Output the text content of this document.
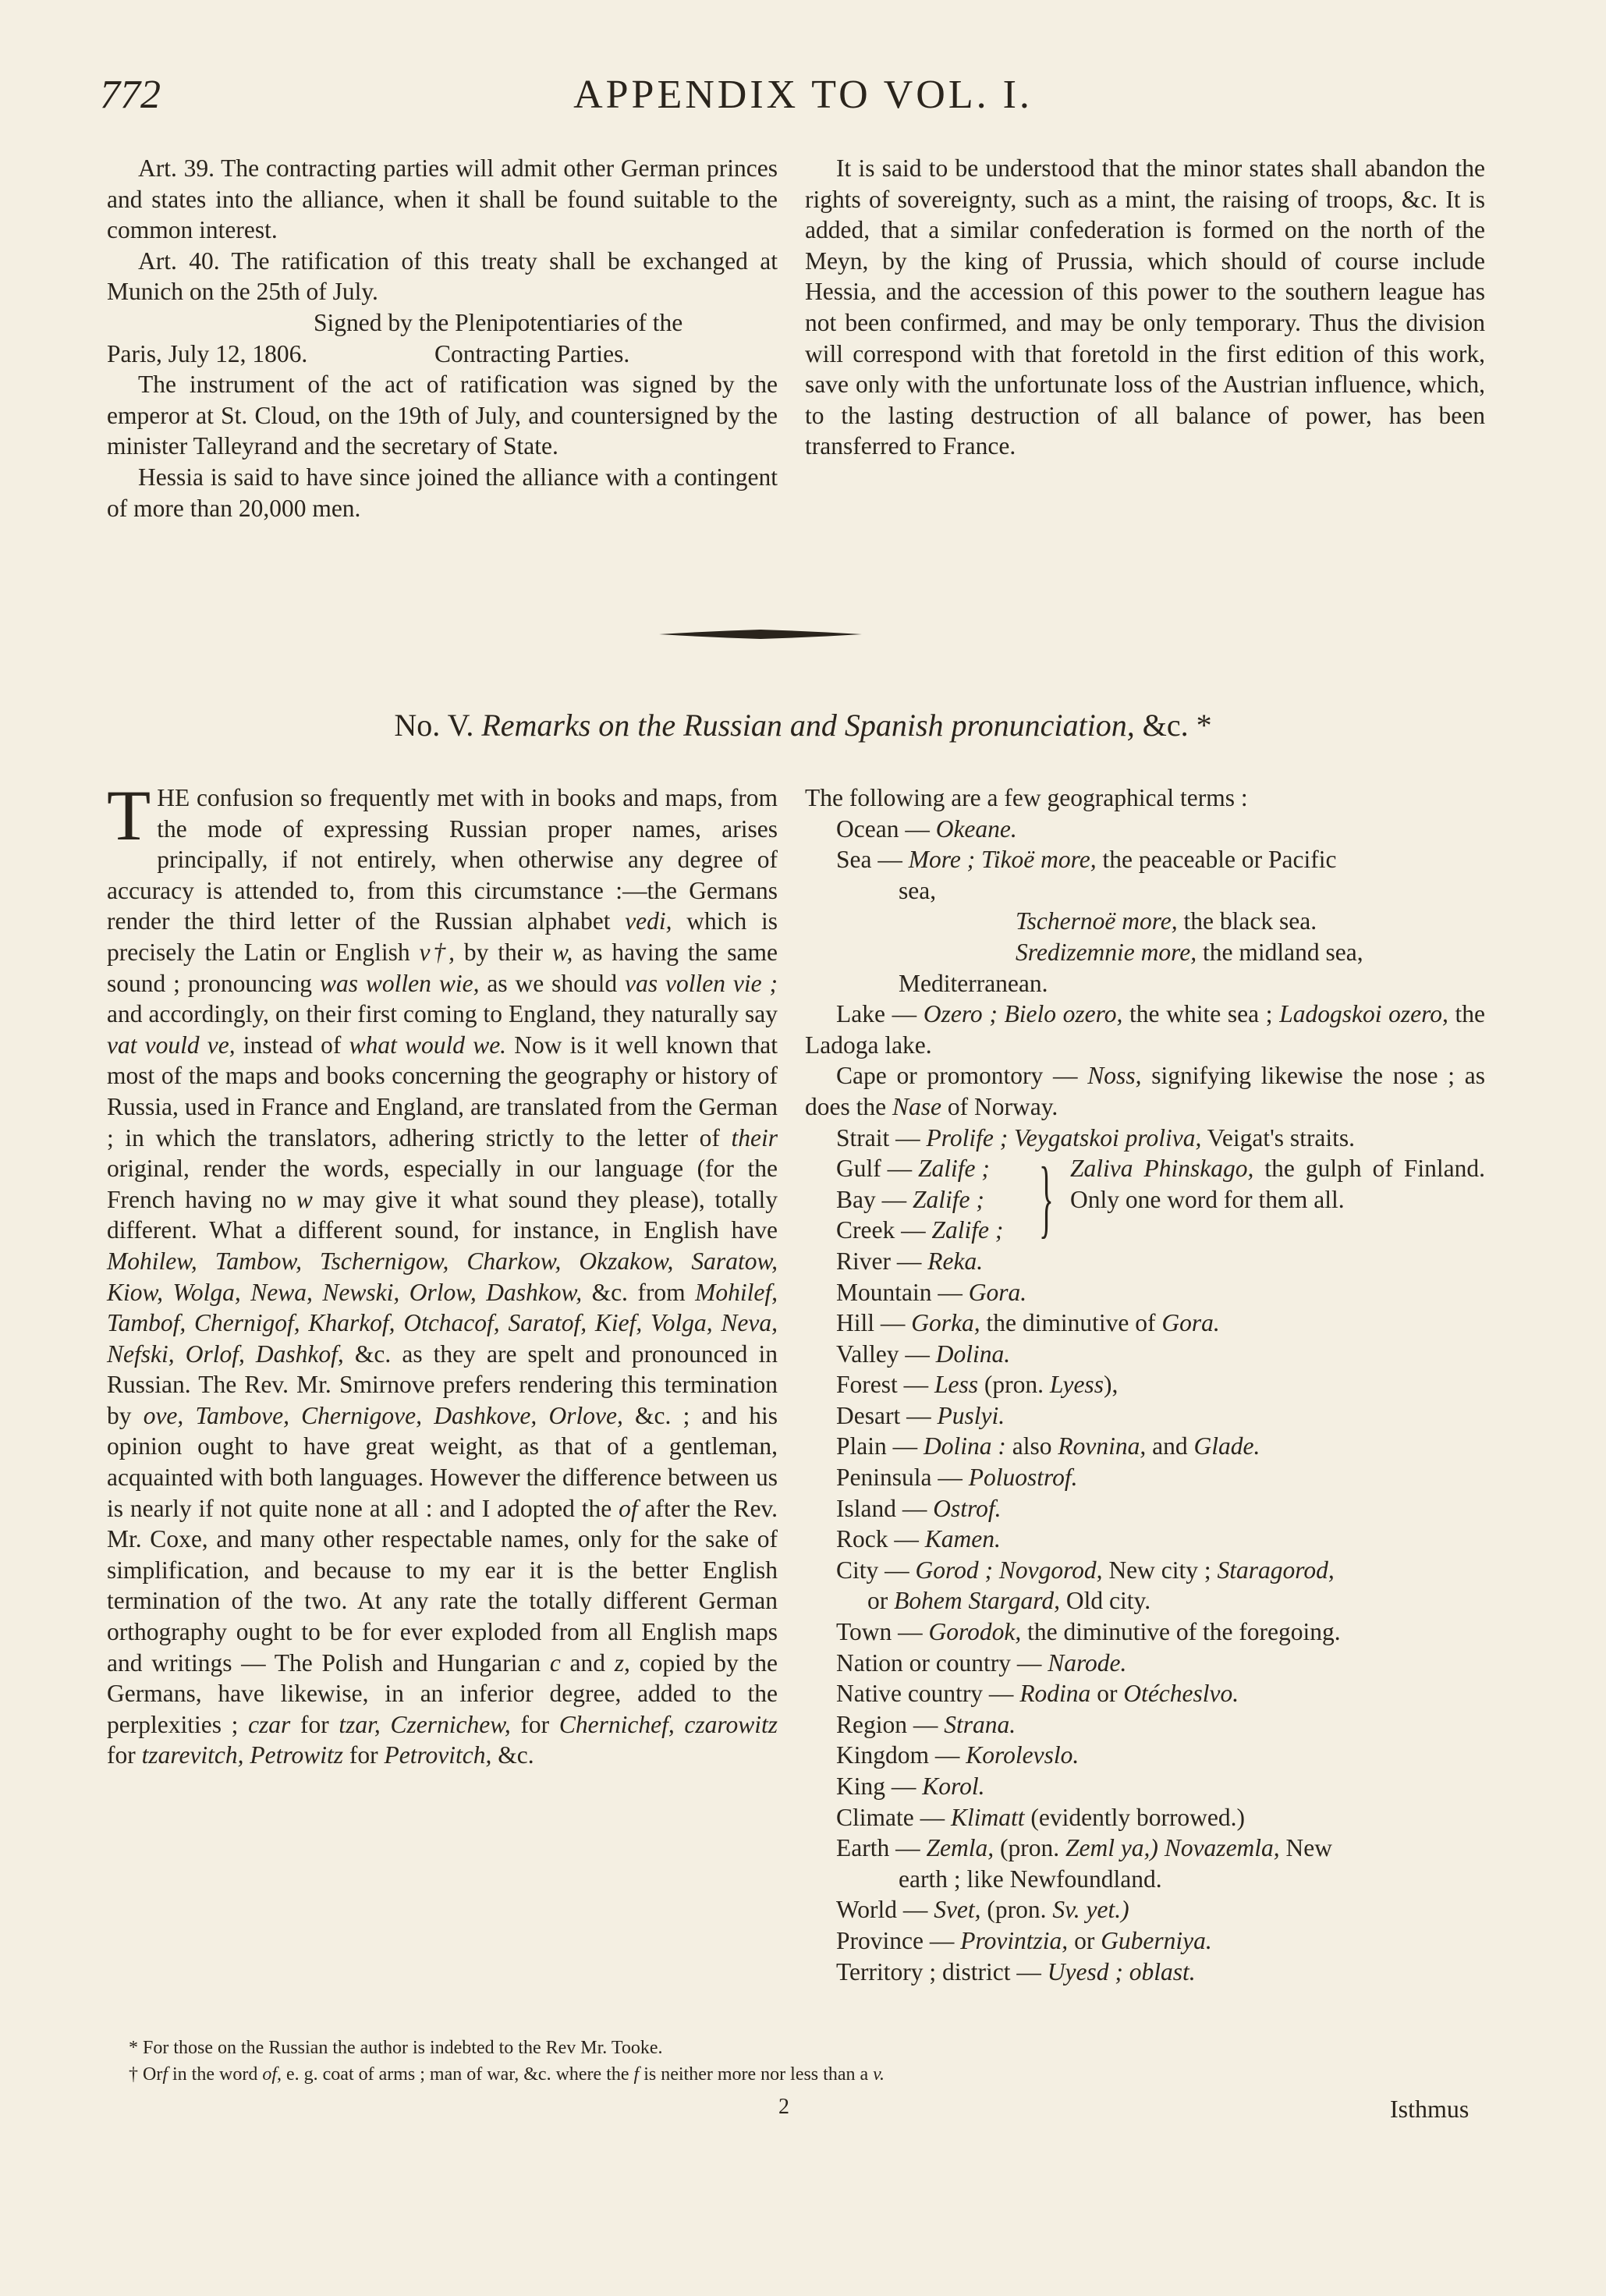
772	APPENDIX TO VOL. I.

Art. 39. The contracting parties will admit other German princes and states into the alliance, when it shall be found suitable to the common interest.

Art. 40. The ratification of this treaty shall be exchanged at Munich on the 25th of July.

Signed by the Plenipotentiaries of the
Paris, July 12, 1806.	Contracting Parties.

The instrument of the act of ratification was signed by the emperor at St. Cloud, on the 19th of July, and countersigned by the minister Talleyrand and the secretary of State.

Hessia is said to have since joined the alliance with a contingent of more than 20,000 men.

It is said to be understood that the minor states shall abandon the rights of sovereignty, such as a mint, the raising of troops, &c. It is added, that a similar confederation is formed on the north of the Meyn, by the king of Prussia, which should of course include Hessia, and the accession of this power to the southern league has not been confirmed, and may be only temporary. Thus the division will correspond with that foretold in the first edition of this work, save only with the unfortunate loss of the Austrian influence, which, to the lasting destruction of all balance of power, has been transferred to France.

No. V. Remarks on the Russian and Spanish pronunciation, &c. *

THE confusion so frequently met with in books and maps, from the mode of expressing Russian proper names, arises principally, if not entirely, when otherwise any degree of accuracy is attended to, from this circumstance :—the Germans render the third letter of the Russian alphabet vedi, which is precisely the Latin or English v†, by their w, as having the same sound ; pronouncing was wollen wie, as we should vas vollen vie ; and accordingly, on their first coming to England, they naturally say vat vould ve, instead of what would we. Now is it well known that most of the maps and books concerning the geography or history of Russia, used in France and England, are translated from the German ; in which the translators, adhering strictly to the letter of their original, render the words, especially in our language (for the French having no w may give it what sound they please), totally different. What a different sound, for instance, in English have Mohilew, Tambow, Tschernigow, Charkow, Okzakow, Saratow, Kiow, Wolga, Newa, Newski, Orlow, Dashkow, &c. from Mohilef, Tambof, Chernigof, Kharkof, Otchacof, Saratof, Kief, Volga, Neva, Nefski, Orlof, Dashkof, &c. as they are spelt and pronounced in Russian. The Rev. Mr. Smirnove prefers rendering this termination by ove, Tambove, Chernigove, Dashkove, Orlove, &c. ; and his opinion ought to have great weight, as that of a gentleman, acquainted with both languages. However the difference between us is nearly if not quite none at all : and I adopted the of after the Rev. Mr. Coxe, and many other respectable names, only for the sake of simplification, and because to my ear it is the better English termination of the two. At any rate the totally different German orthography ought to be for ever exploded from all English maps and writings — The Polish and Hungarian c and z, copied by the Germans, have likewise, in an inferior degree, added to the perplexities ; czar for tzar, Czernichew, for Chernichef, czarowitz for tzarevitch, Petrowitz for Petrovitch, &c.

The following are a few geographical terms :

Ocean — Okeane.

Sea — More ; Tikoë more, the peaceable or Pacific

sea,

Tschernoë more, the black sea.

Sredizemnie more, the midland sea,

Mediterranean.

Lake — Ozero ; Bielo ozero, the white sea ; Ladogskoi ozero, the Ladoga lake.

Cape or promontory — Noss, signifying likewise the nose ; as does the Nase of Norway.

Strait — Prolife ; Veygatskoi proliva, Veigat's straits.

Gulf — Zalife ;
Bay — Zalife ;
Creek — Zalife ; } Zaliva Phinskago, the gulph of Finland. Only one word for them all.

River — Reka.

Mountain — Gora.

Hill — Gorka, the diminutive of Gora.

Valley — Dolina.

Forest — Less (pron. Lyess),

Desart — Puslyi.

Plain — Dolina : also Rovnina, and Glade.

Peninsula — Poluostrof.

Island — Ostrof.

Rock — Kamen.

City — Gorod ; Novgorod, New city ; Staragorod,

or Bohem Stargard, Old city.

Town — Gorodok, the diminutive of the foregoing.

Nation or country — Narode.

Native country — Rodina or Otécheslvo.

Region — Strana.

Kingdom — Korolevslo.

King — Korol.

Climate — Klimatt (evidently borrowed.)

Earth — Zemla, (pron. Zeml ya,) Novazemla, New

earth ; like Newfoundland.

World — Svet, (pron. Sv. yet.)

Province — Provintzia, or Guberniya.

Territory ; district — Uyesd ; oblast.

* For those on the Russian the author is indebted to the Rev Mr. Tooke.
† Orf in the word of, e. g. coat of arms ; man of war, &c. where the f is neither more nor less than a v.
2	Isthmus
